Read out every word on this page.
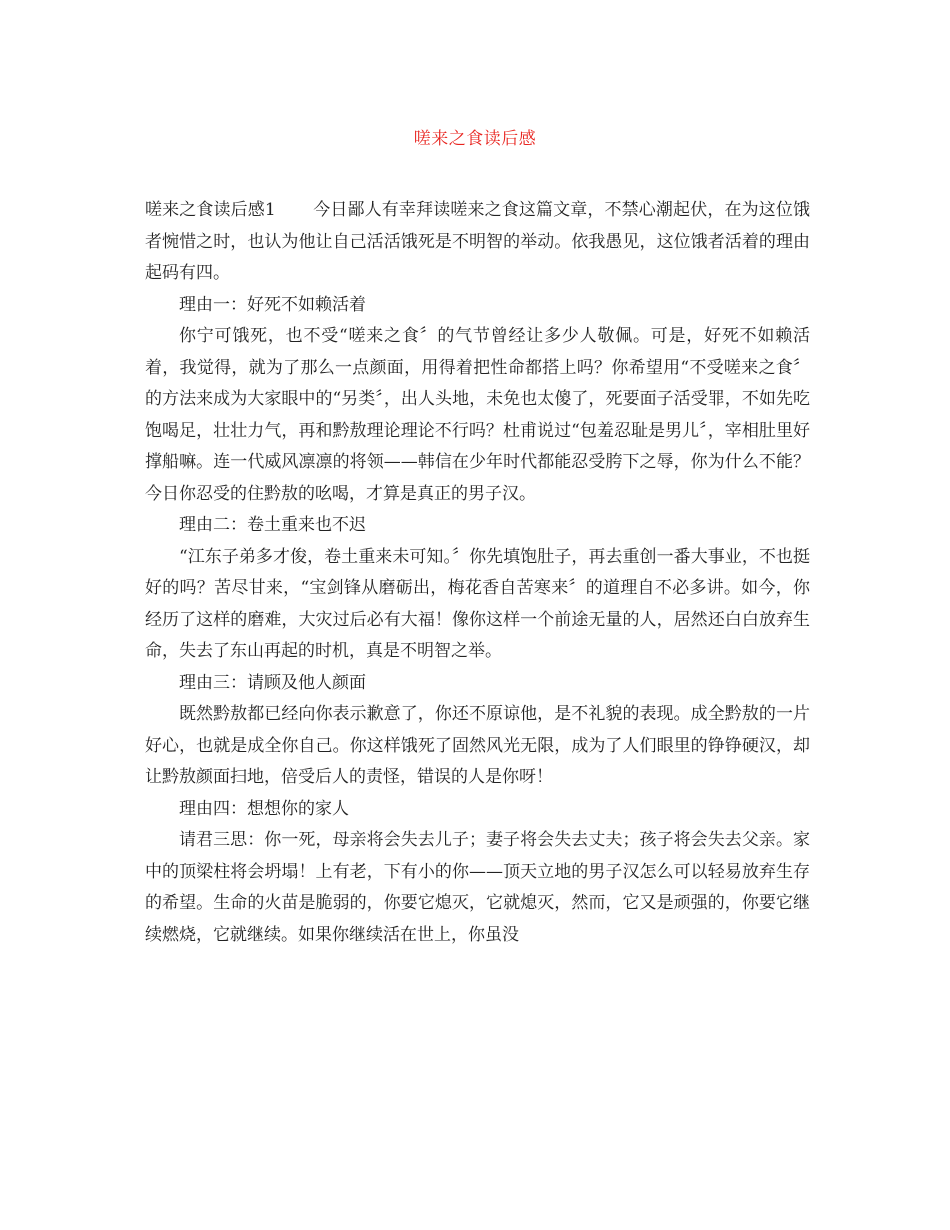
嗟来之食读后感

嗟来之食读后感1 今日鄙人有幸拜读嗟来之食这篇文章，不禁心潮起伏，在为这位饿者惋惜之时，也认为他让自己活活饿死是不明智的举动。依我愚见，这位饿者活着的理由起码有四。

理由一：好死不如赖活着

你宁可饿死，也不受“嗟来之食〞的气节曾经让多少人敬佩。可是，好死不如赖活着，我觉得，就为了那么一点颜面，用得着把性命都搭上吗？你希望用“不受嗟来之食〞的方法来成为大家眼中的“另类〞，出人头地，未免也太傻了，死要面子活受罪，不如先吃饱喝足，壮壮力气，再和黔敖理论理论不行吗？杜甫说过“包羞忍耻是男儿〞，宰相肚里好撑船嘛。连一代威风凛凛的将领——韩信在少年时代都能忍受胯下之辱，你为什么不能？今日你忍受的住黔敖的吆喝，才算是真正的男子汉。

理由二：卷土重来也不迟

“江东子弟多才俊，卷土重来未可知。〞你先填饱肚子，再去重创一番大事业，不也挺好的吗？苦尽甘来，“宝剑锋从磨砺出，梅花香自苦寒来〞的道理自不必多讲。如今，你经历了这样的磨难，大灾过后必有大福！像你这样一个前途无量的人，居然还白白放弃生命，失去了东山再起的时机，真是不明智之举。

理由三：请顾及他人颜面

既然黔敖都已经向你表示歉意了，你还不原谅他，是不礼貌的表现。成全黔敖的一片好心，也就是成全你自己。你这样饿死了固然风光无限，成为了人们眼里的铮铮硬汉，却让黔敖颜面扫地，倍受后人的责怪，错误的人是你呀！

理由四：想想你的家人

请君三思：你一死，母亲将会失去儿子；妻子将会失去丈夫；孩子将会失去父亲。家中的顶梁柱将会坍塌！上有老，下有小的你——顶天立地的男子汉怎么可以轻易放弃生存的希望。生命的火苗是脆弱的，你要它熄灭，它就熄灭，然而，它又是顽强的，你要它继续燃烧，它就继续。如果你继续活在世上，你虽没
